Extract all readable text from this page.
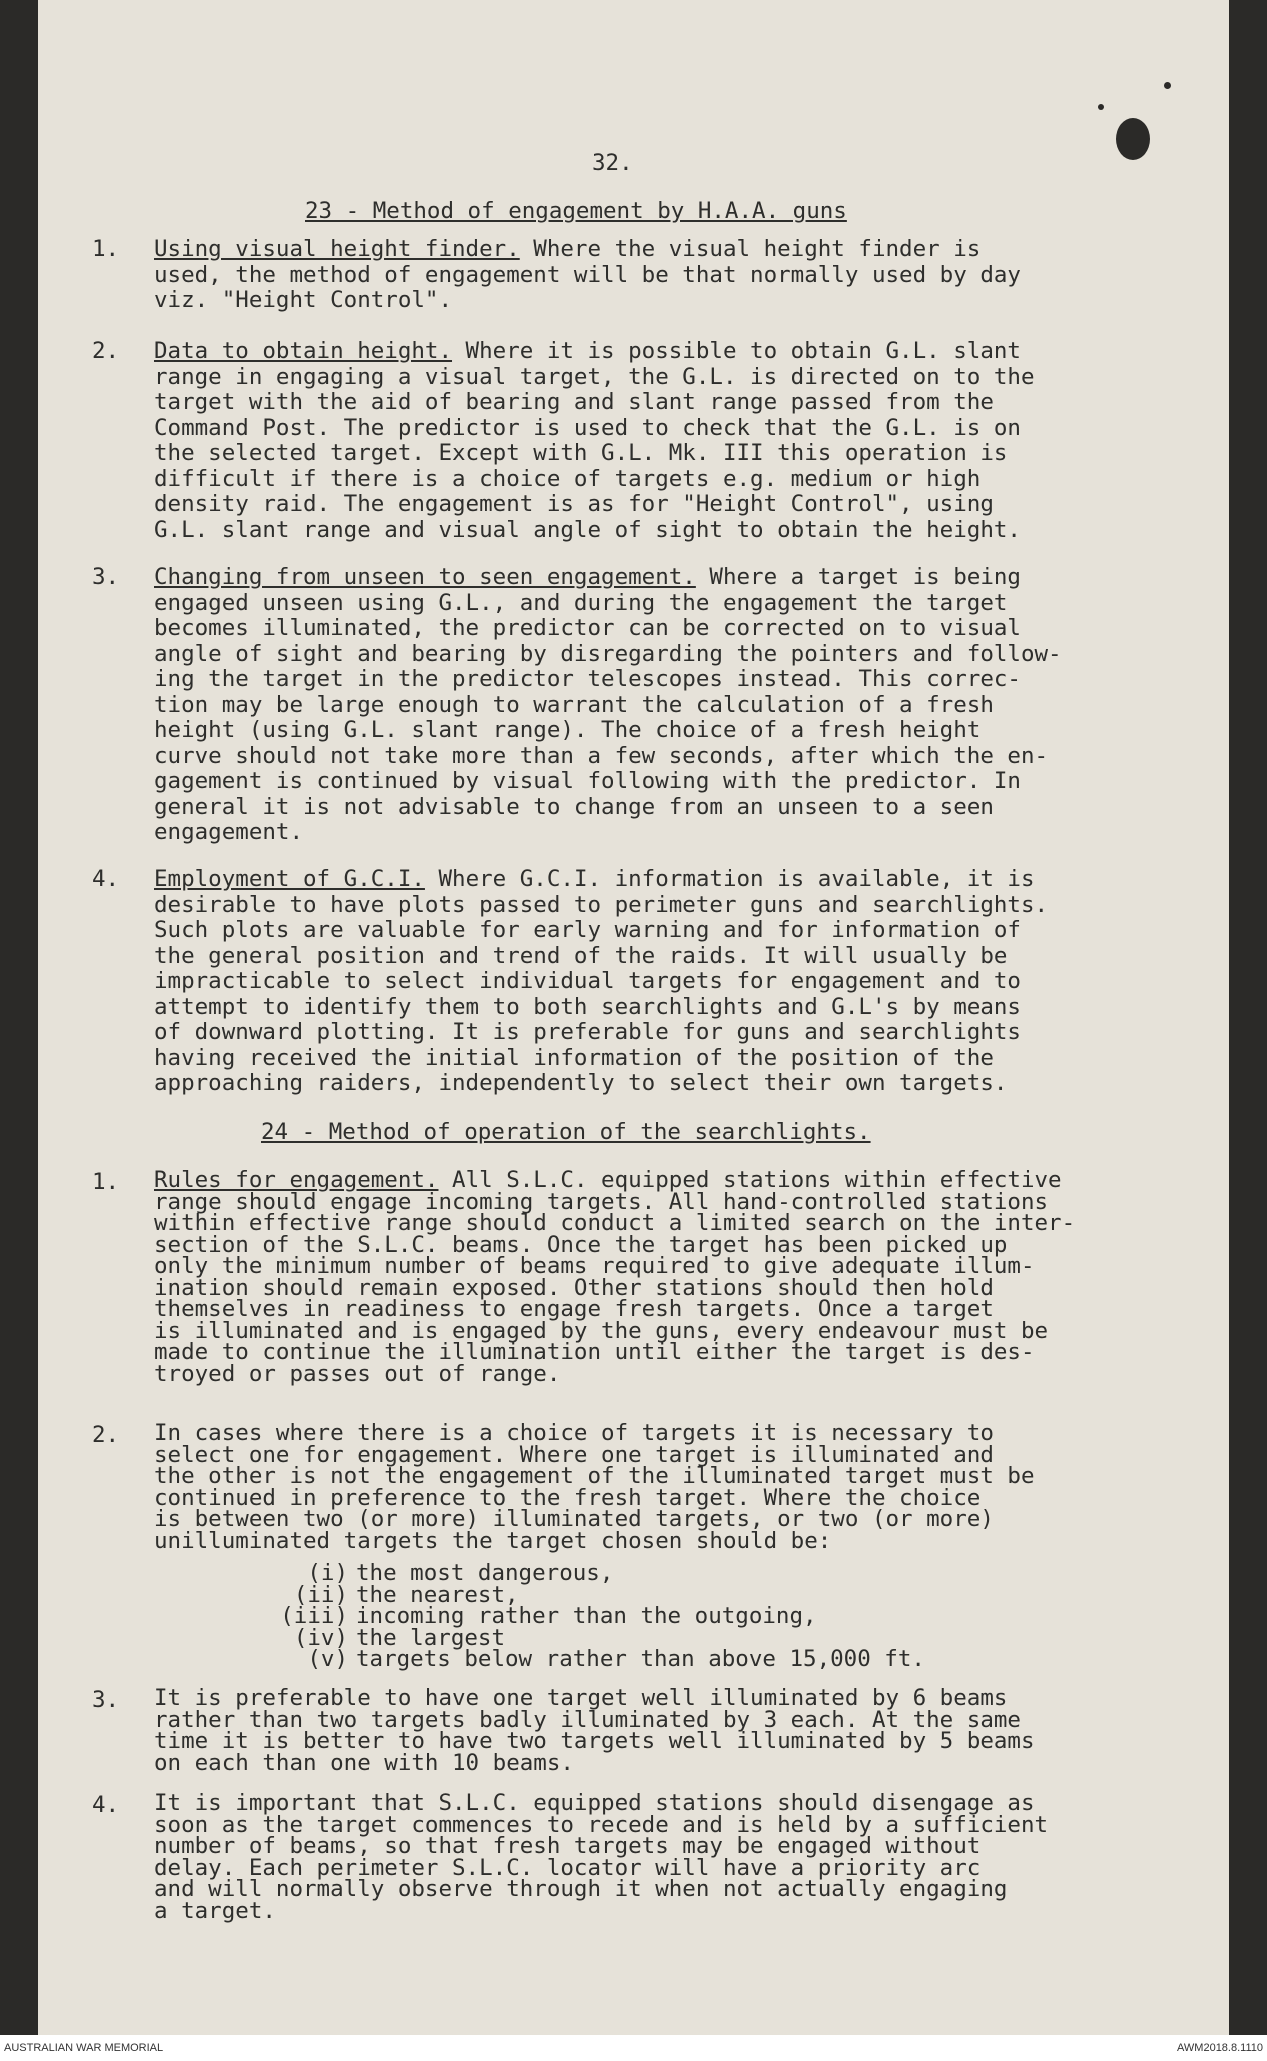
32.
23 - Method of engagement by H.A.A. guns
1. Using visual height finder. Where the visual height finder is
used, the method of engagement will be that normally used by day
viz. "Height Control".
2. Data to obtain height. Where it is possible to obtain G.L. slant
range in engaging a visual target, the G.L. is directed on to the
target with the aid of bearing and slant range passed from the
Command Post. The predictor is used to check that the G.L. is on
the selected target. Except with G.L. Mk. III this operation is
difficult if there is a choice of targets e.g. medium or high
density raid. The engagement is as for "Height Control", using
G.L. slant range and visual angle of sight to obtain the height.
3. Changing from unseen to seen engagement. Where a target is being
engaged unseen using G.L., and during the engagement the target
becomes illuminated, the predictor can be corrected on to visual
angle of sight and bearing by disregarding the pointers and follow-
ing the target in the predictor telescopes instead. This correc-
tion may be large enough to warrant the calculation of a fresh
height (using G.L. slant range). The choice of a fresh height
curve should not take more than a few seconds, after which the en-
gagement is continued by visual following with the predictor. In
general it is not advisable to change from an unseen to a seen
engagement.
4. Employment of G.C.I. Where G.C.I. information is available, it is
desirable to have plots passed to perimeter guns and searchlights.
Such plots are valuable for early warning and for information of
the general position and trend of the raids. It will usually be
impracticable to select individual targets for engagement and to
attempt to identify them to both searchlights and G.L's by means
of downward plotting. It is preferable for guns and searchlights
having received the initial information of the position of the
approaching raiders, independently to select their own targets.
24 - Method of operation of the searchlights.
1. Rules for engagement. All S.L.C. equipped stations within effective
range should engage incoming targets. All hand-controlled stations
within effective range should conduct a limited search on the inter-
section of the S.L.C. beams. Once the target has been picked up
only the minimum number of beams required to give adequate illum-
ination should remain exposed. Other stations should then hold
themselves in readiness to engage fresh targets. Once a target
is illuminated and is engaged by the guns, every endeavour must be
made to continue the illumination until either the target is des-
troyed or passes out of range.
2. In cases where there is a choice of targets it is necessary to
select one for engagement. Where one target is illuminated and
the other is not the engagement of the illuminated target must be
continued in preference to the fresh target. Where the choice
is between two (or more) illuminated targets, or two (or more)
unilluminated targets the target chosen should be:
(i) the most dangerous,
(ii) the nearest,
(iii) incoming rather than the outgoing,
(iv) the largest
(v) targets below rather than above 15,000 ft.
3. It is preferable to have one target well illuminated by 6 beams
rather than two targets badly illuminated by 3 each. At the same
time it is better to have two targets well illuminated by 5 beams
on each than one with 10 beams.
4. It is important that S.L.C. equipped stations should disengage as
soon as the target commences to recede and is held by a sufficient
number of beams, so that fresh targets may be engaged without
delay. Each perimeter S.L.C. locator will have a priority arc
and will normally observe through it when not actually engaging
a target.
AUSTRALIAN WAR MEMORIAL	AWM2018.8.1110
